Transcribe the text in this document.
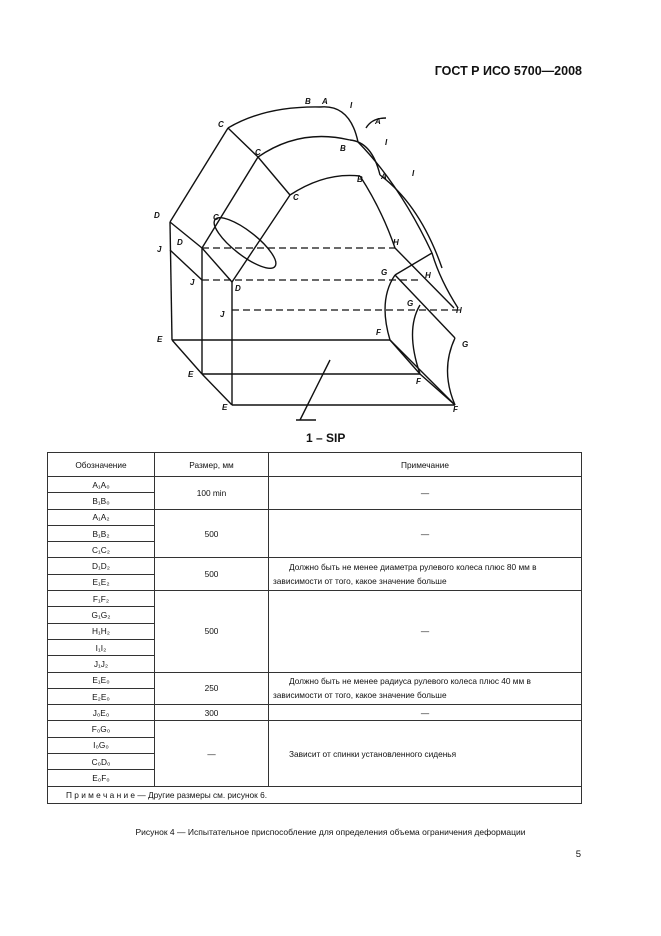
ГОСТ Р ИСО 5700—2008
B A	I
A
I
B
C
C
B A	I
C
D	C
J
D	H
G	H
J
D
G
H
J
F
E
G
E
F
E	F
1 – SIP
Обозначение	Размер, мм	Примечание
A₁A₀	100 min	—
B₁B₀		
A₁A₂	500	—
B₁B₂		
C₁C₂		
D₁D₂	500	Должно быть не менее диаметра рулевого колеса плюс 80 мм в зависимости от того, какое значение больше
E₁E₂		
F₁F₂	500	—
G₁G₂		
H₁H₂		
I₁I₂		
J₁J₂		
E₁E₀	250	Должно быть не менее радиуса рулевого колеса плюс 40 мм в зависимости от того, какое значение больше
E₂E₀		
J₀E₀	300	—
F₀G₀	—	Зависит от спинки установленного сиденья
I₀G₀		
C₀D₀		
E₀F₀		
П р и м е ч а н и е — Другие размеры см. рисунок 6.		
Рисунок 4 — Испытательное приспособление для определения объема ограничения деформации
5
